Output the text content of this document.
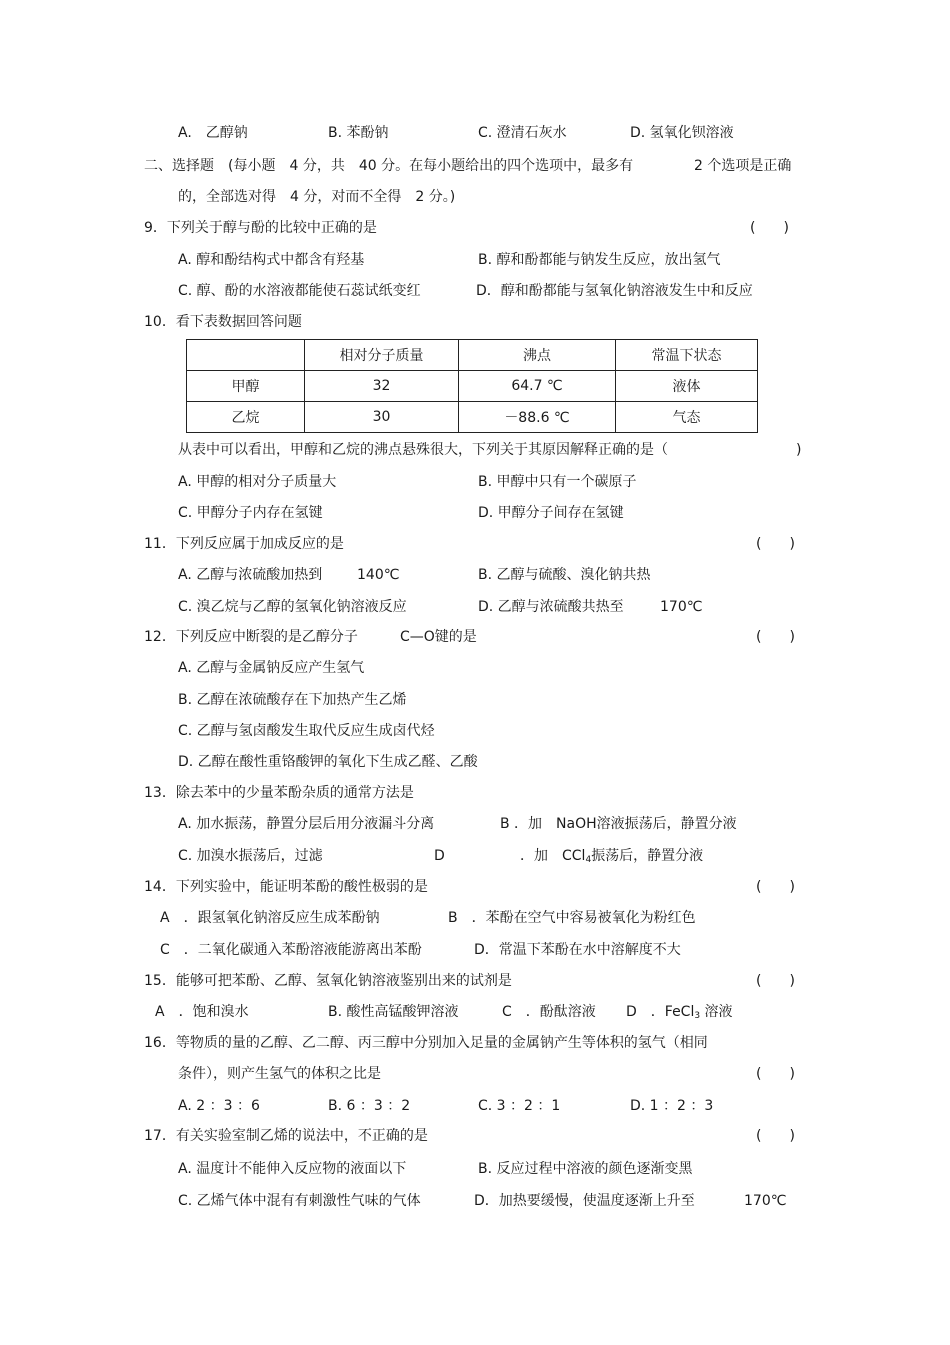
A.　乙醇钠	B. 苯酚钠	C. 澄清石灰水	D. 氢氧化钡溶液
二、选择题　(每小题　4 分，共　40 分。在每小题给出的四个选项中，最多有	2 个选项是正确
的，全部选对得　4 分，对而不全得　2 分。)
9．下列关于醇与酚的比较中正确的是	(　　)
A. 醇和酚结构式中都含有羟基	B. 醇和酚都能与钠发生反应，放出氢气
C. 醇、酚的水溶液都能使石蕊试纸变红	D．醇和酚都能与氢氧化钠溶液发生中和反应
10．看下表数据回答问题
	相对分子质量	沸点	常温下状态
甲醇	32	64.7 ℃	液体
乙烷	30	－88.6 ℃	气态
从表中可以看出，甲醇和乙烷的沸点悬殊很大，下列关于其原因解释正确的是（	)
A. 甲醇的相对分子质量大	B. 甲醇中只有一个碳原子
C. 甲醇分子内存在氢键	D. 甲醇分子间存在氢键
11．下列反应属于加成反应的是	(　　)
A. 乙醇与浓硫酸加热到 140℃	B. 乙醇与硫酸、溴化钠共热
C. 溴乙烷与乙醇的氢氧化钠溶液反应	D. 乙醇与浓硫酸共热至	170℃
12．下列反应中断裂的是乙醇分子	C—O键的是	(　　)
A. 乙醇与金属钠反应产生氢气
B. 乙醇在浓硫酸存在下加热产生乙烯
C. 乙醇与氢卤酸发生取代反应生成卤代烃
D. 乙醇在酸性重铬酸钾的氧化下生成乙醛、乙酸
13．除去苯中的少量苯酚杂质的通常方法是
A. 加水振荡，静置分层后用分液漏斗分离	B ．加　NaOH溶液振荡后，静置分液
C. 加溴水振荡后，过滤	D	．加　CCl$_4$振荡后，静置分液
14．下列实验中，能证明苯酚的酸性极弱的是	(　　)
A　．跟氢氧化钠溶反应生成苯酚钠	B　．苯酚在空气中容易被氧化为粉红色
C　．二氧化碳通入苯酚溶液能游离出苯酚	D．常温下苯酚在水中溶解度不大
15．能够可把苯酚、乙醇、氢氧化钠溶液鉴别出来的试剂是	(　　)
A　．饱和溴水	B. 酸性高锰酸钾溶液	C　．酚酞溶液 D　．FeCl$_3$ 溶液
16．等物质的量的乙醇、乙二醇、丙三醇中分别加入足量的金属钠产生等体积的氢气（相同
条件），则产生氢气的体积之比是	(　　)
A. 2 ：3 ：6	B. 6 ：3 ：2	C. 3 ：2 ：1	D. 1 ：2 ：3
17．有关实验室制乙烯的说法中，不正确的是	(　　)
A. 温度计不能伸入反应物的液面以下	B. 反应过程中溶液的颜色逐渐变黑
C. 乙烯气体中混有有刺激性气味的气体	D．加热要缓慢，使温度逐渐上升至	170℃
